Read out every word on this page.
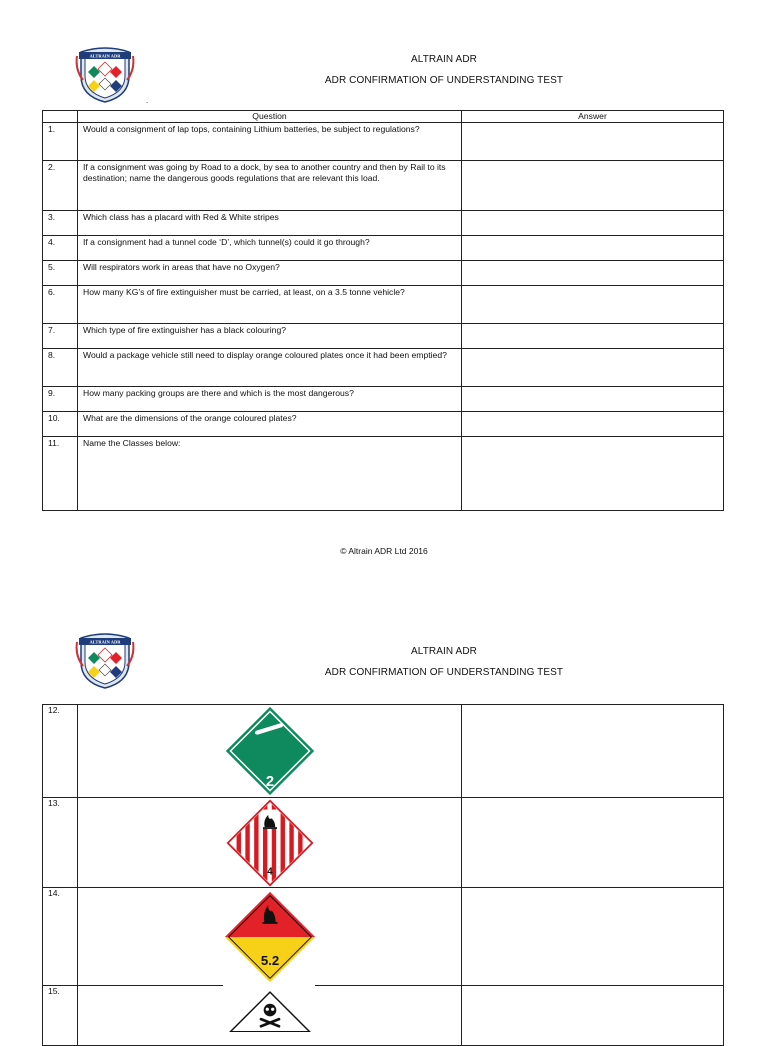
ALTRAIN ADR	ALTRAIN ADR
ADR CONFIRMATION OF UNDERSTANDING TEST
.
	Question	Answer
1.	Would a consignment of lap tops, containing Lithium batteries, be subject to regulations?	
2.	If a consignment was going by Road to a dock, by sea to another country and then by Rail to its destination; name the dangerous goods regulations that are relevant this load.	
3.	Which class has a placard with Red & White stripes	
4.	If a consignment had a tunnel code ‘D’, which tunnel(s) could it go through?	
5.	Will respirators work in areas that have no Oxygen?	
6.	How many KG’s of fire extinguisher must be carried, at least, on a 3.5 tonne vehicle?	
7.	Which type of fire extinguisher has a black colouring?	
8.	Would a package vehicle still need to display orange coloured plates once it had been emptied?	
9.	How many packing groups are there and which is the most dangerous?	
10.	What are the dimensions of the orange coloured plates?	
11.	Name the Classes below:	
© Altrain ADR Ltd 2016
ALTRAIN ADR
ALTRAIN ADR
ADR CONFIRMATION OF UNDERSTANDING TEST
12.	2	

13.	4	

14.	5.2	

15.	
